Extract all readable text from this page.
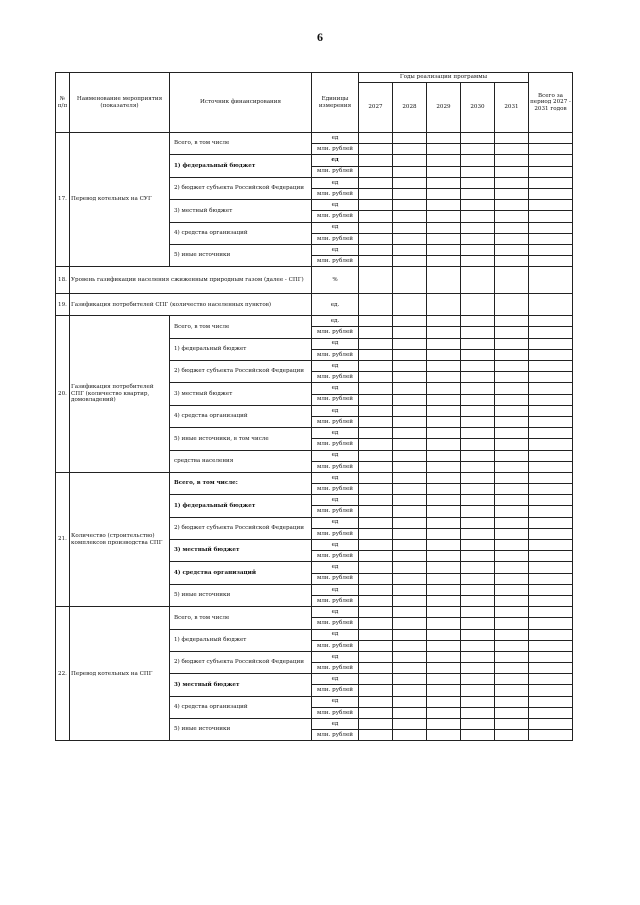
6
№ п/п	Наименование мероприятия (показателя)	Источник финансирования	Единицы измерения	Годы реализации программы					Всего за период 2027 - 2031 годов
				2027	2028	2029	2030	2031	
17.	Перевод котельных на СУГ	Всего, в том числе	ед						
			млн. рублей						
		1) федеральный бюджет	ед						
			млн. рублей						
		2) бюджет субъекта Российской Федерации	ед						
			млн. рублей						
		3) местный бюджет	ед						
			млн. рублей						
		4) средства организаций	ед						
			млн. рублей						
		5) иные источники	ед						
			млн. рублей						
18.	Уровень газификации населения сжиженным природным газом (далее - СПГ)		%						
19.	Газификация потребителей СПГ (количество населенных пунктов)		ед.						
20.	Газификация потребителей СПГ (количество квартир, домовладений)	Всего, в том числе	ед.						
			млн. рублей						
		1) федеральный бюджет	ед						
			млн. рублей						
		2) бюджет субъекта Российской Федерации	ед						
			млн. рублей						
		3) местный бюджет	ед						
			млн. рублей						
		4) средства организаций	ед						
			млн. рублей						
		5) иные источники, в том числе	ед						
			млн. рублей						
		средства населения	ед						
			млн. рублей						
21.	Количество (строительство) комплексов производства СПГ	Всего, в том числе:	ед						
			млн. рублей						
		1) федеральный бюджет	ед						
			млн. рублей						
		2) бюджет субъекта Российской Федерации	ед						
			млн. рублей						
		3) местный бюджет	ед						
			млн. рублей						
		4) средства организаций	ед						
			млн. рублей						
		5) иные источники	ед						
			млн. рублей						
22.	Перевод котельных на СПГ	Всего, в том числе	ед						
			млн. рублей						
		1) федеральный бюджет	ед						
			млн. рублей						
		2) бюджет субъекта Российской Федерации	ед						
			млн. рублей						
		3) местный бюджет	ед						
			млн. рублей						
		4) средства организаций	ед						
			млн. рублей						
		5) иные источники	ед						
			млн. рублей						
